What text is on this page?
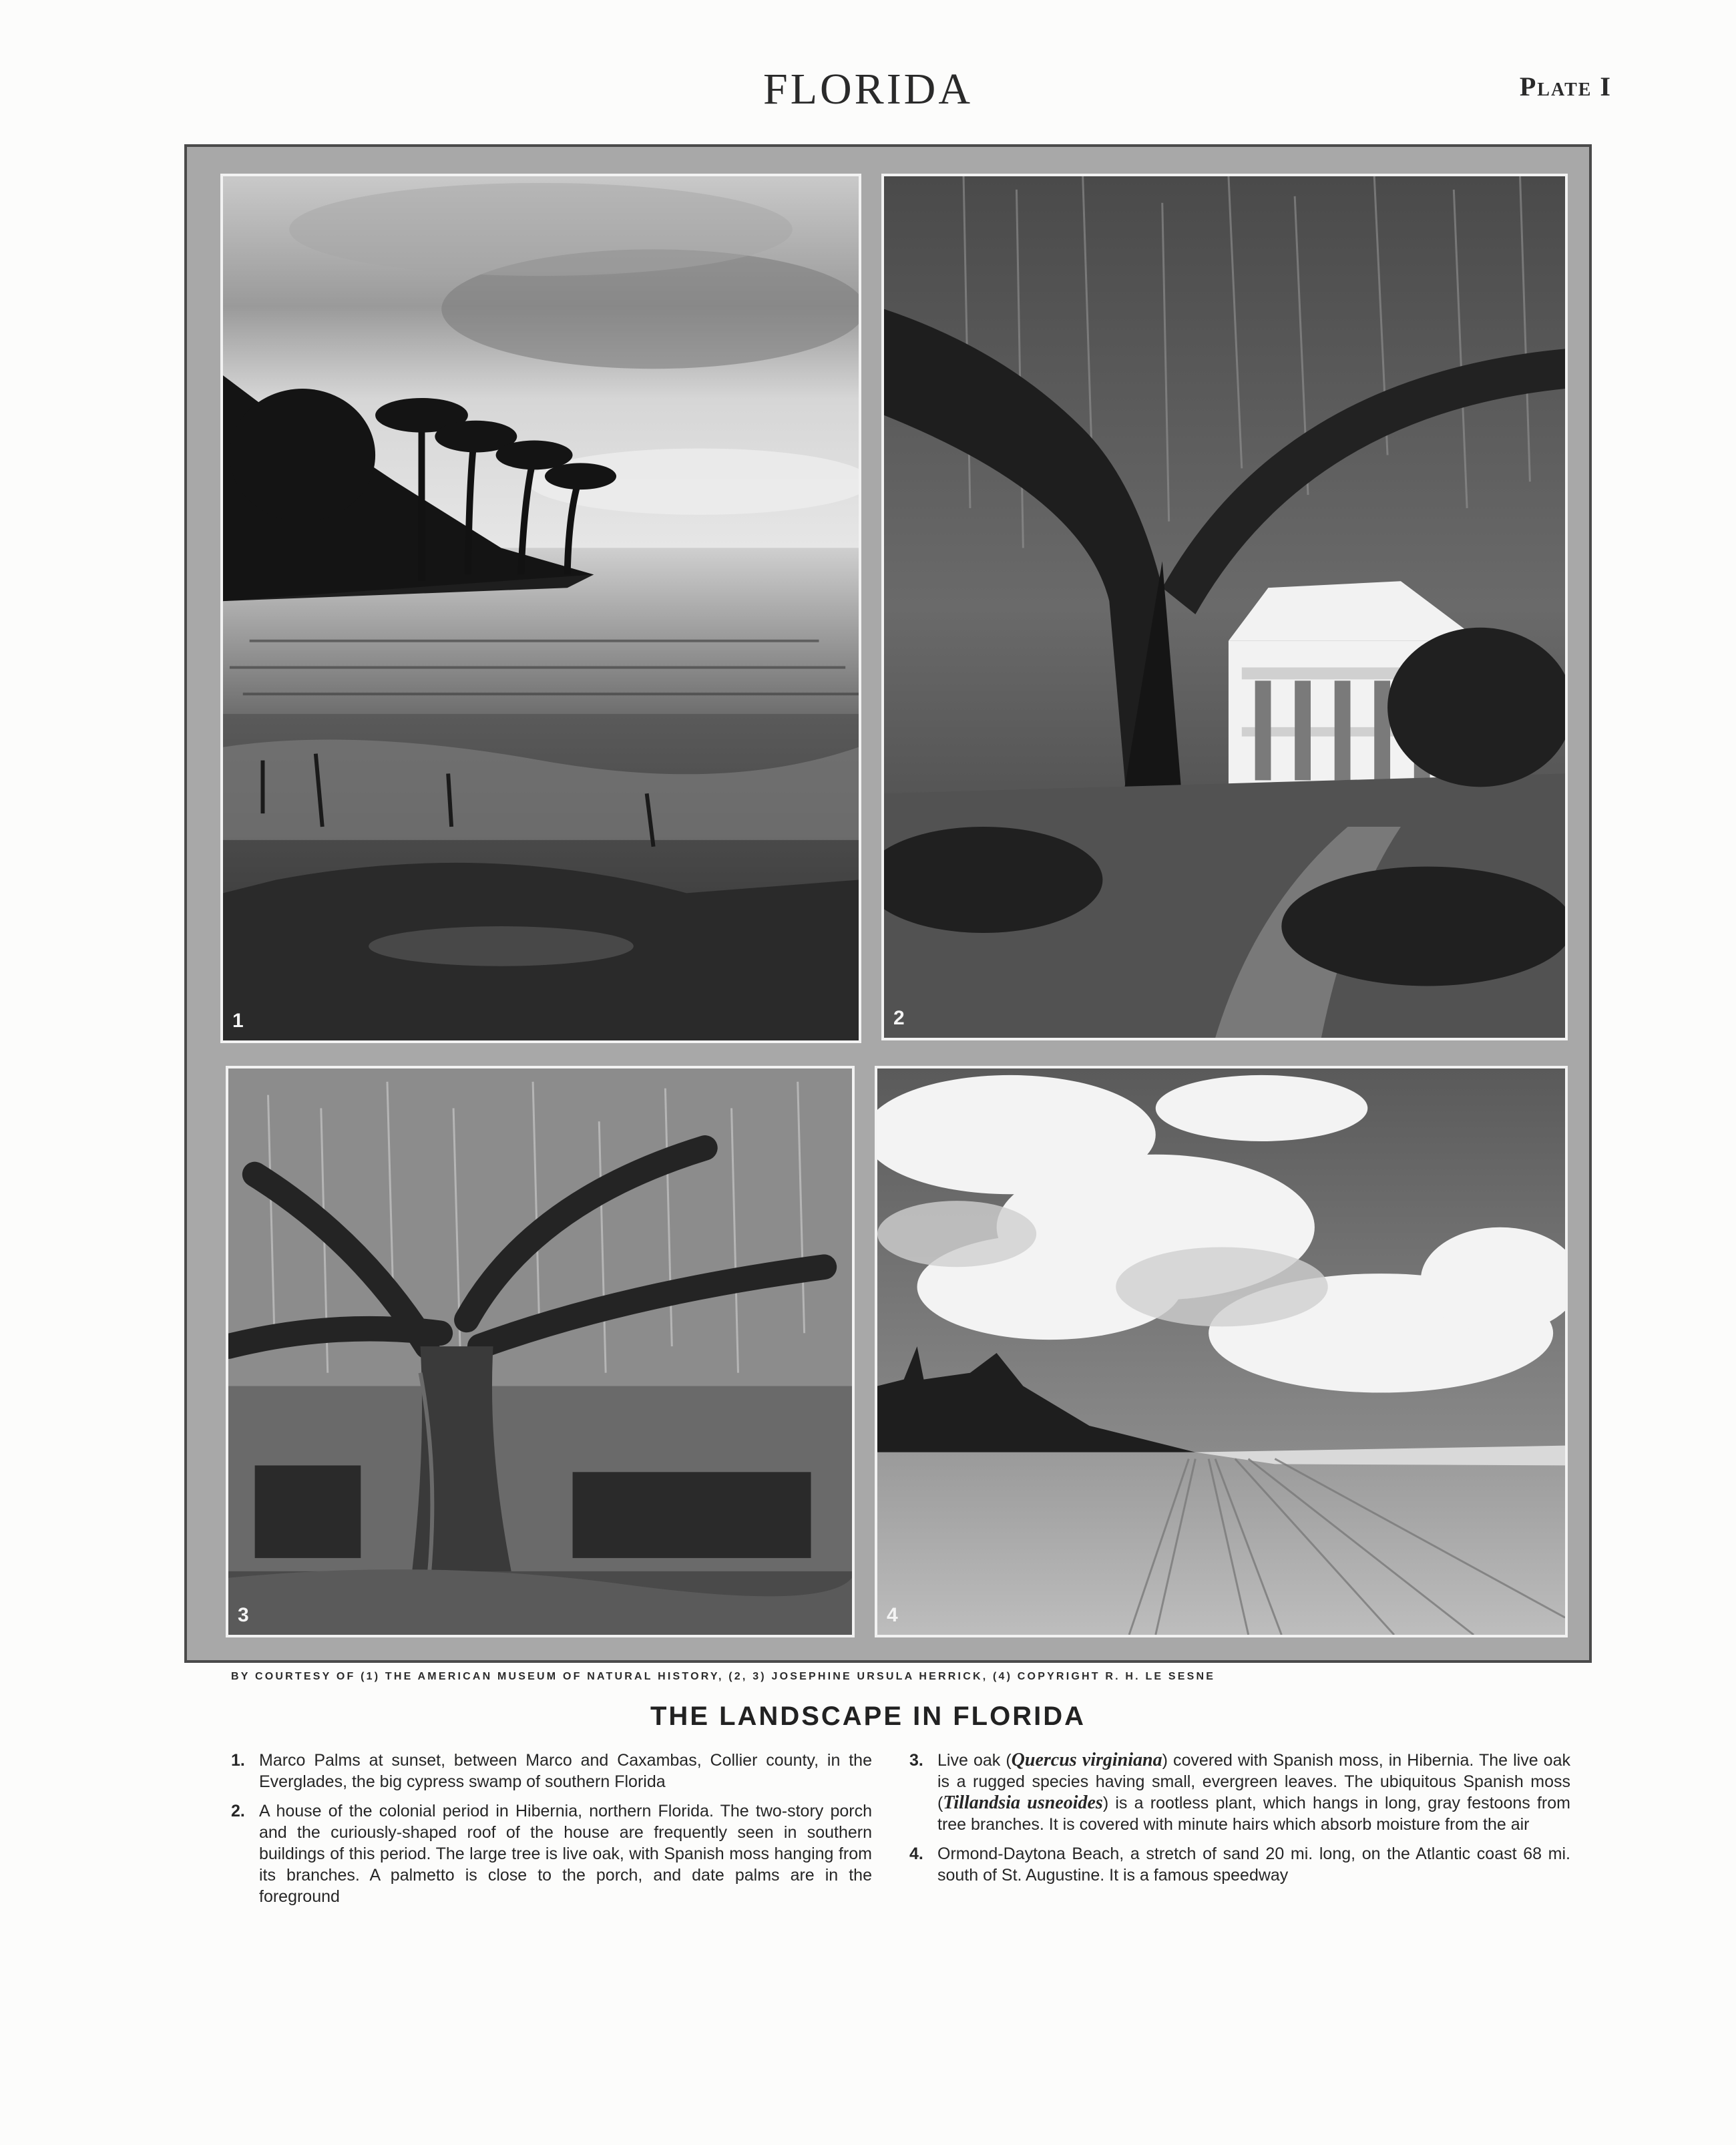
FLORIDA	Plate I
1	2
3	4
BY COURTESY OF (1) THE AMERICAN MUSEUM OF NATURAL HISTORY, (2, 3) JOSEPHINE URSULA HERRICK, (4) COPYRIGHT R. H. LE SESNE
THE LANDSCAPE IN FLORIDA
1. Marco Palms at sunset, between Marco and Caxambas, Collier county, in the Everglades, the big cypress swamp of southern Florida
2. A house of the colonial period in Hibernia, northern Florida. The two-story porch and the curiously-shaped roof of the house are frequently seen in southern buildings of this period. The large tree is live oak, with Spanish moss hanging from its branches. A palmetto is close to the porch, and date palms are in the foreground
3. Live oak (Quercus virginiana) covered with Spanish moss, in Hibernia. The live oak is a rugged species having small, evergreen leaves. The ubiquitous Spanish moss (Tillandsia usneoides) is a rootless plant, which hangs in long, gray festoons from tree branches. It is covered with minute hairs which absorb moisture from the air
4. Ormond-Daytona Beach, a stretch of sand 20 mi. long, on the Atlantic coast 68 mi. south of St. Augustine. It is a famous speedway
